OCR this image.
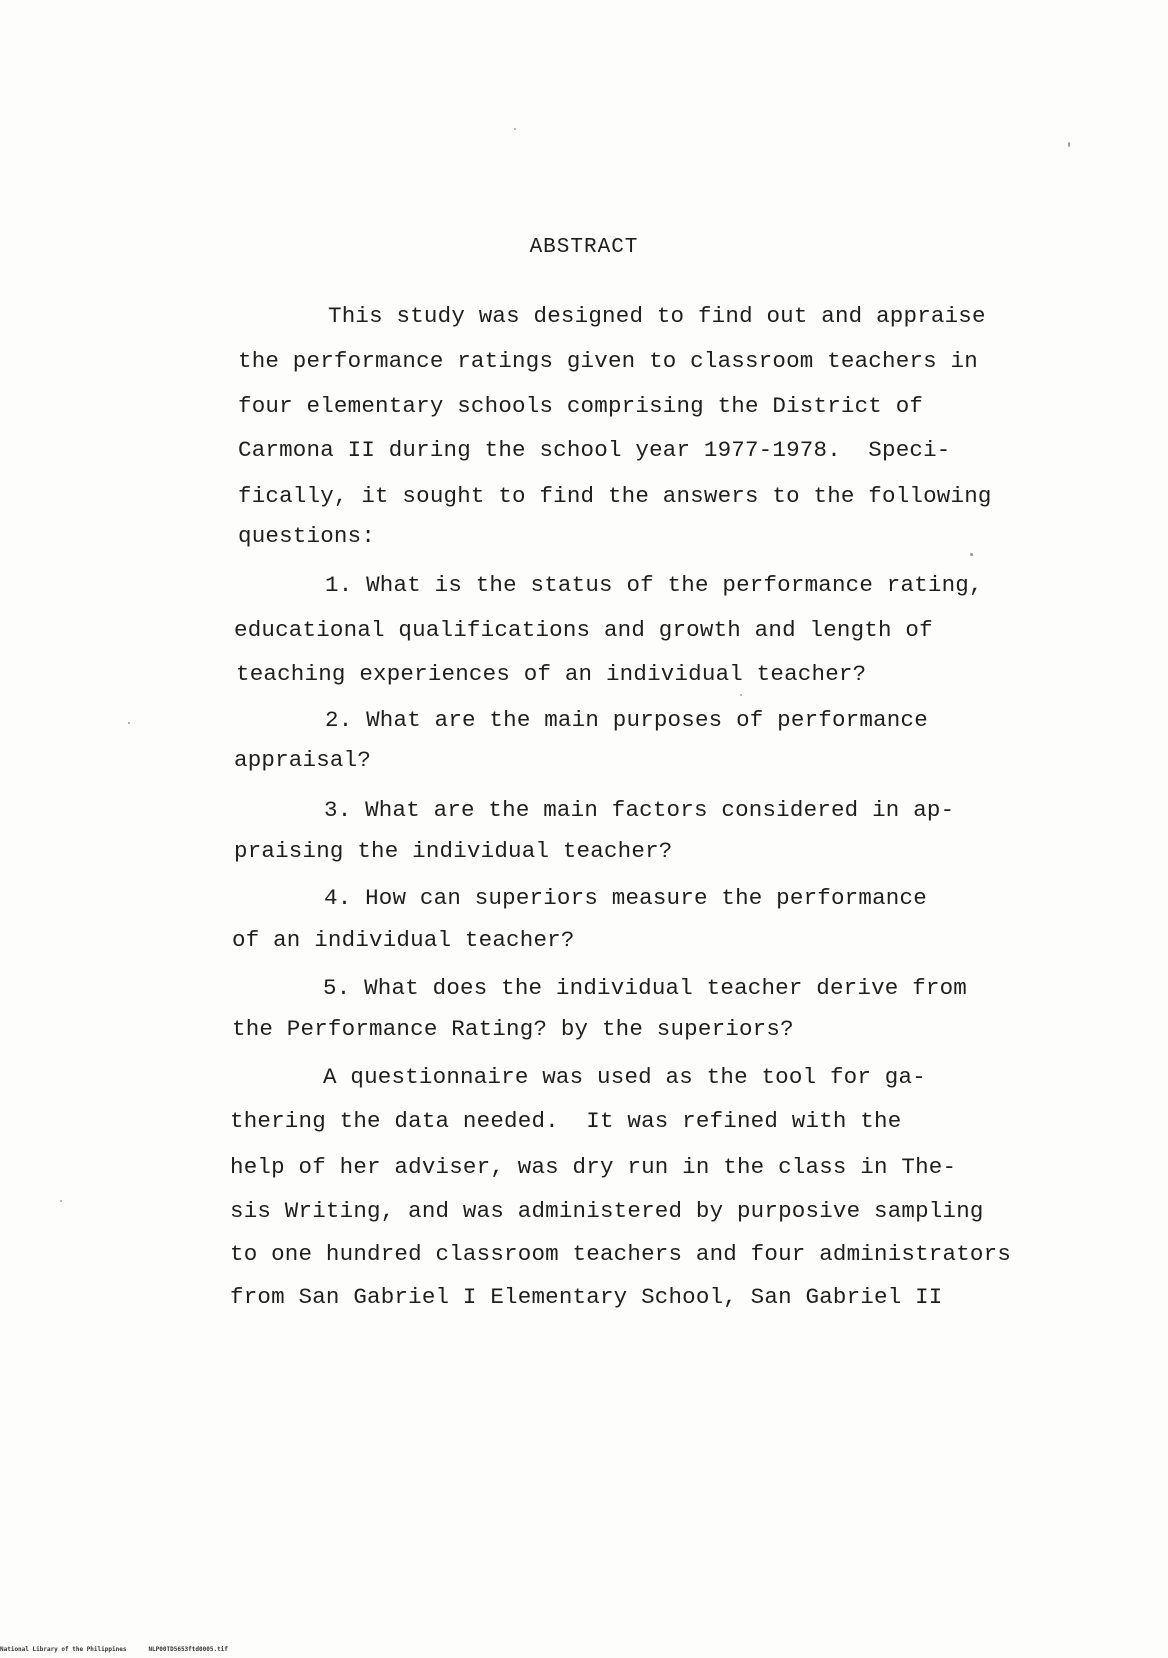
ABSTRACT
This study was designed to find out and appraise
the performance ratings given to classroom teachers in
four elementary schools comprising the District of
Carmona II during the school year 1977-1978.  Speci-
fically, it sought to find the answers to the following
questions:
1. What is the status of the performance rating,
educational qualifications and growth and length of
teaching experiences of an individual teacher?
2. What are the main purposes of performance
appraisal?
3. What are the main factors considered in ap-
praising the individual teacher?
4. How can superiors measure the performance
of an individual teacher?
5. What does the individual teacher derive from
the Performance Rating? by the superiors?
A questionnaire was used as the tool for ga-
thering the data needed.  It was refined with the
help of her adviser, was dry run in the class in The-
sis Writing, and was administered by purposive sampling
to one hundred classroom teachers and four administrators
from San Gabriel I Elementary School, San Gabriel II
National Library of the Philippines	NLP00TD5653ftd0005.tif
